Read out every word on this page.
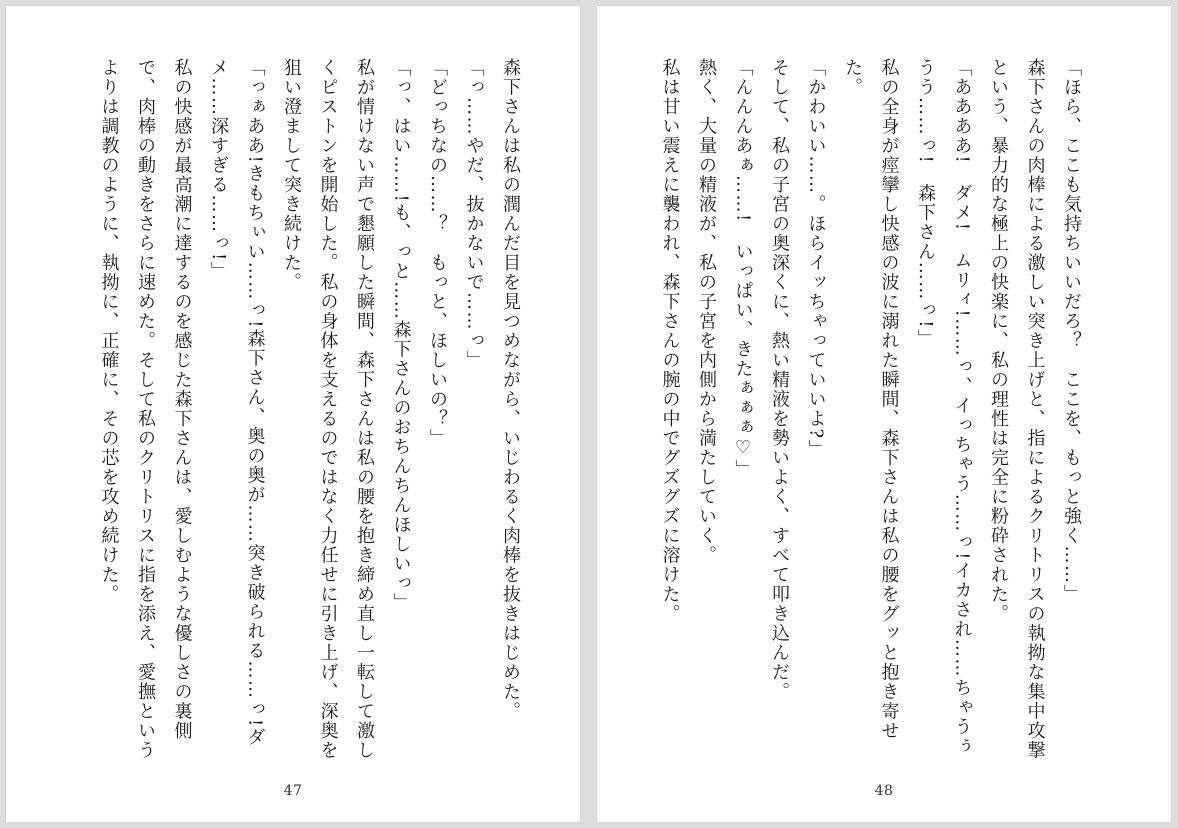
森下さんは私の潤んだ目を見つめながら、いじわるく肉棒を抜きはじめた。

「っ……やだ、抜かないで……っ」

「どっちなの……？　もっと、ほしいの？」

「っ、はい……!も、っと……森下さんのおちんちんほしいっ」

私が情けない声で懇願した瞬間、森下さんは私の腰を抱き締め直し一転して激しくピストンを開始した。私の身体を支えるのではなく力任せに引き上げ、深奥を狙い澄まして突き続けた。

「っぁああ!きもちぃい……っ!森下さん、奥の奥が……突き破られる……っ!ダメ……深すぎる……っ!」

私の快感が最高潮に達するのを感じた森下さんは、愛しむような優しさの裏側で、肉棒の動きをさらに速めた。そして私のクリトリスに指を添え、愛撫というよりは調教のように、執拗に、正確に、その芯を攻め続けた。

47

「ほら、ここも気持ちいいだろ？　ここを、もっと強く……」

森下さんの肉棒による激しい突き上げと、指によるクリトリスの執拗な集中攻撃という、暴力的な極上の快楽に、私の理性は完全に粉砕された。

「ああああ!　ダメ!　ムリィ!……っ、イっちゃう……っ!イカされ……ちゃうぅうう……っ!　森下さん……っ!」

私の全身が痙攣し快感の波に溺れた瞬間、森下さんは私の腰をグッと抱き寄せた。

「かわいい……。ほらイッちゃっていいよ?」

そして、私の子宮の奥深くに、熱い精液を勢いよく、すべて叩き込んだ。

「んんんあぁ……!　いっぱい、きたぁぁぁ♡」

熱く、大量の精液が、私の子宮を内側から満たしていく。

私は甘い震えに襲われ、森下さんの腕の中でグズグズに溶けた。

48
